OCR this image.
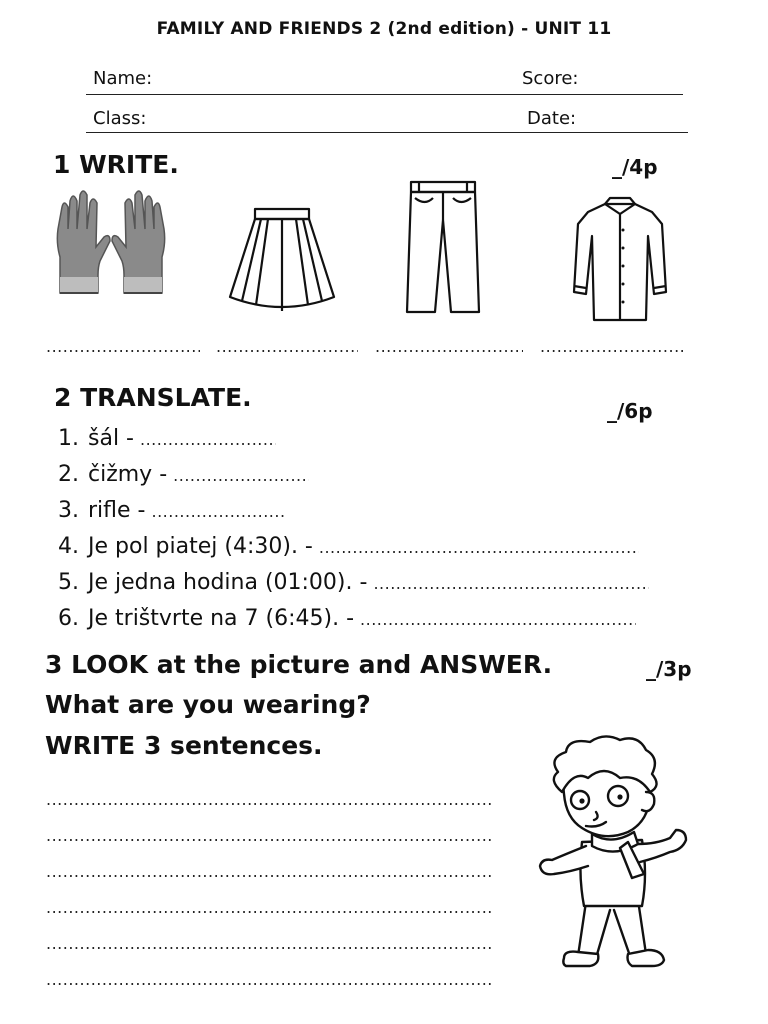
FAMILY AND FRIENDS 2 (2nd edition) - UNIT 11
Name:	Score:
Class:	Date:
1 WRITE.	_/4p
.....
.....
.....
.....
2 TRANSLATE.	_/6p
1. šál -
.....
2. čižmy -
.....
3. rifle -
.....
4. Je pol piatej (4:30). -
.....
5. Je jedna hodina (01:00). -
.....
6. Je trištvrte na 7 (6:45). -
.....
3 LOOK at the picture and ANSWER.	_/3p
What are you wearing?
WRITE 3 sentences.
.....
.....
.....
.....
.....
.....
